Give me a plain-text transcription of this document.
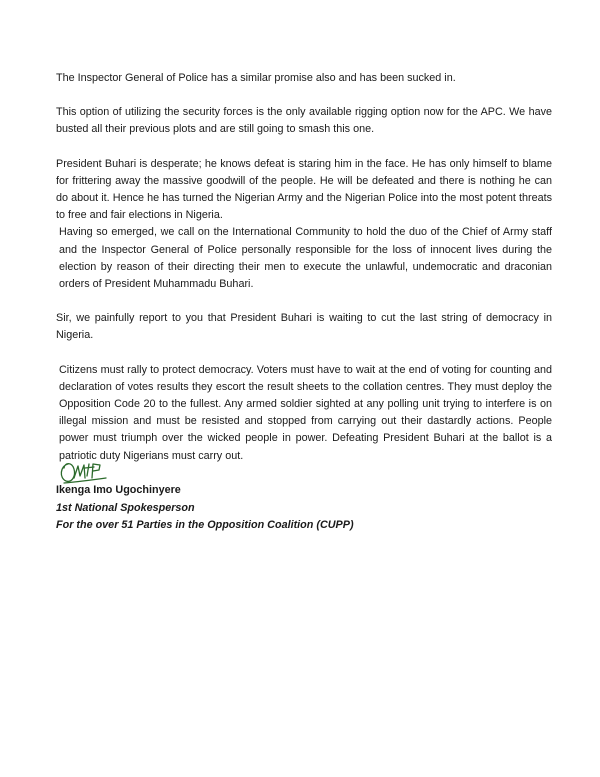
The Inspector General of Police has a similar promise also and has been sucked in.

This option of utilizing the security forces is the only available rigging option now for the APC. We have busted all their previous plots and are still going to smash this one.

President Buhari is desperate; he knows defeat is staring him in the face. He has only himself to blame for frittering away the massive goodwill of the people. He will be defeated and there is nothing he can do about it. Hence he has turned the Nigerian Army and the Nigerian Police into the most potent threats to free and fair elections in Nigeria.

Having so emerged, we call on the International Community to hold the duo of the Chief of Army staff and the Inspector General of Police personally responsible for the loss of innocent lives during the election by reason of their directing their men to execute the unlawful, undemocratic and draconian orders of President Muhammadu Buhari.

Sir, we painfully report to you that President Buhari is waiting to cut the last string of democracy in Nigeria.

Citizens must rally to protect democracy. Voters must have to wait at the end of voting for counting and declaration of votes results they escort the result sheets to the collation centres. They must deploy the Opposition Code 20 to the fullest. Any armed soldier sighted at any polling unit trying to interfere is on illegal mission and must be resisted and stopped from carrying out their dastardly actions. People power must triumph over the wicked people in power. Defeating President Buhari at the ballot is a patriotic duty Nigerians must carry out.

Ikenga Imo Ugochinyere

1st National Spokesperson

For the over 51 Parties in the Opposition Coalition (CUPP)
